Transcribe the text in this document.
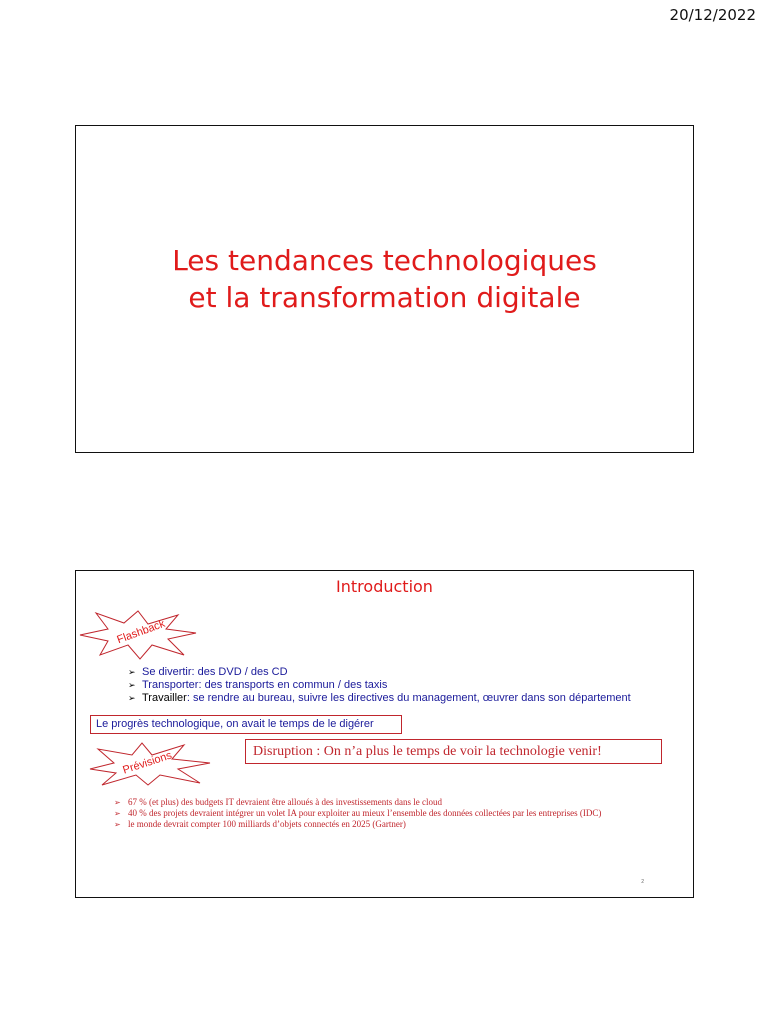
20/12/2022
Les tendances technologiques
et la transformation digitale
Introduction
Flashback
➢ Se divertir: des DVD / des CD
➢ Transporter: des transports en commun / des taxis
➢ Travailler: se rendre au bureau, suivre les directives du management, œuvrer dans son département
Le progrès technologique, on avait le temps de le digérer
Prévisions	Disruption : On n’a plus le temps de voir la technologie venir!
➢ 67 % (et plus) des budgets IT devraient être alloués à des investissements dans le cloud
➢ 40 % des projets devraient intégrer un volet IA pour exploiter au mieux l’ensemble des données collectées par les entreprises (IDC)
➢ le monde devrait compter 100 milliards d’objets connectés en 2025 (Gartner)
2
